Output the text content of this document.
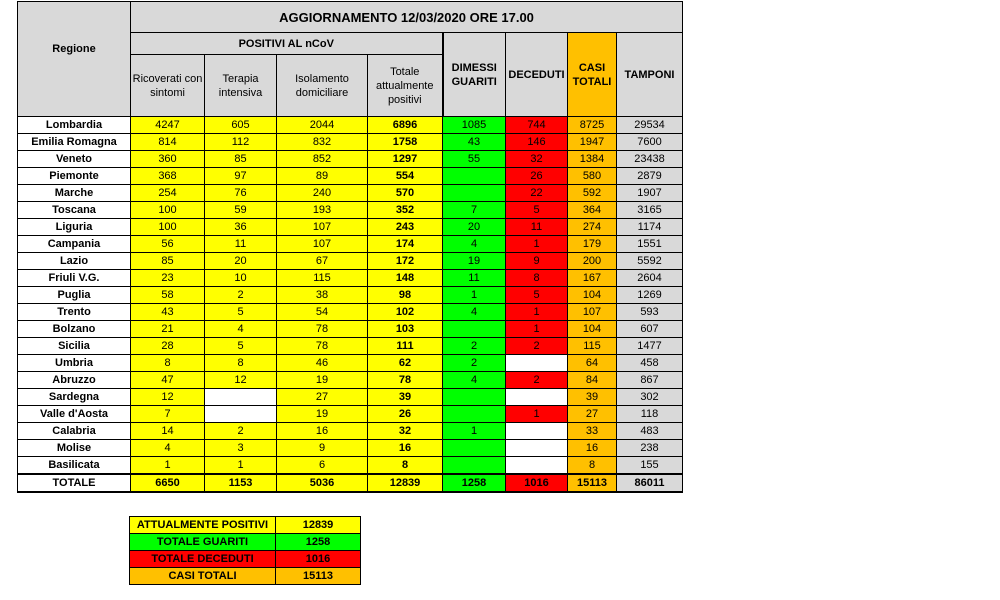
Regione	AGGIORNAMENTO 12/03/2020 ORE 17.00							
	POSITIVI AL nCoV				DIMESSI GUARITI	DECEDUTI	CASI TOTALI	TAMPONI
	Ricoverati con sintomi	Terapia intensiva	Isolamento domiciliare	Totale attualmente positivi				
Lombardia	4247	605	2044	6896	1085	744	8725	29534
Emilia Romagna	814	112	832	1758	43	146	1947	7600
Veneto	360	85	852	1297	55	32	1384	23438
Piemonte	368	97	89	554		26	580	2879
Marche	254	76	240	570		22	592	1907
Toscana	100	59	193	352	7	5	364	3165
Liguria	100	36	107	243	20	11	274	1174
Campania	56	11	107	174	4	1	179	1551
Lazio	85	20	67	172	19	9	200	5592
Friuli V.G.	23	10	115	148	11	8	167	2604
Puglia	58	2	38	98	1	5	104	1269
Trento	43	5	54	102	4	1	107	593
Bolzano	21	4	78	103		1	104	607
Sicilia	28	5	78	111	2	2	115	1477
Umbria	8	8	46	62	2		64	458
Abruzzo	47	12	19	78	4	2	84	867
Sardegna	12		27	39			39	302
Valle d'Aosta	7		19	26		1	27	118
Calabria	14	2	16	32	1		33	483
Molise	4	3	9	16			16	238
Basilicata	1	1	6	8			8	155
TOTALE	6650	1153	5036	12839	1258	1016	15113	86011
ATTUALMENTE POSITIVI	12839
TOTALE GUARITI	1258
TOTALE DECEDUTI	1016
CASI TOTALI	15113
